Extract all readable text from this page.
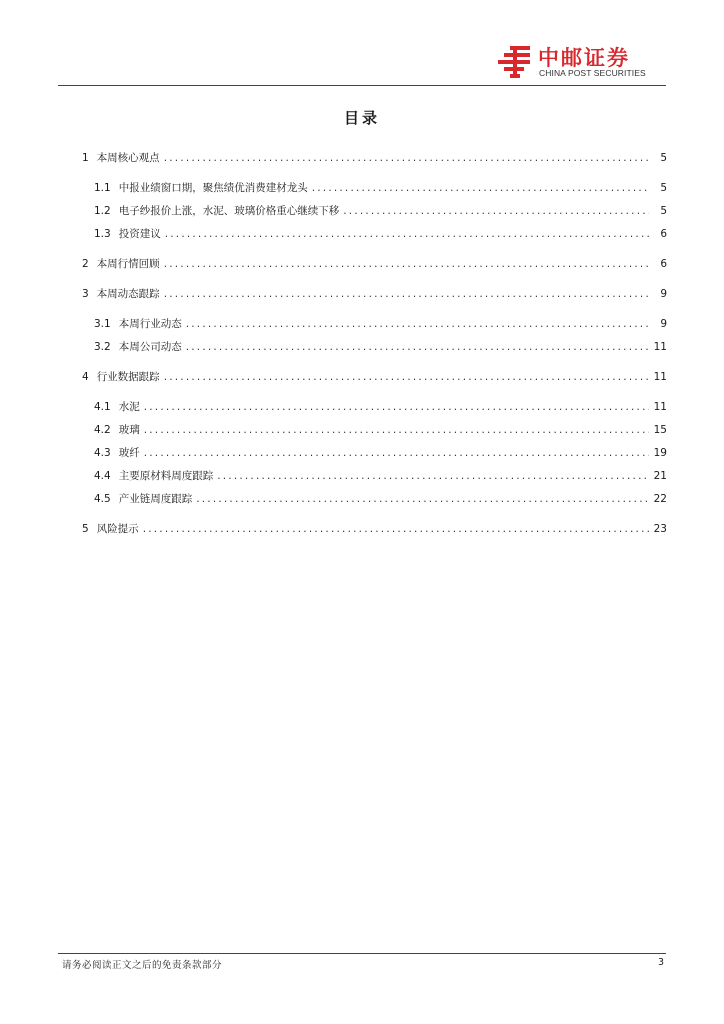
中邮证券
CHINA POST SECURITIES
目录
1 本周核心观点 .....	5
1.1 中报业绩窗口期，聚焦绩优消费建材龙头 .....	5
1.2 电子纱报价上涨，水泥、玻璃价格重心继续下移 .....	5
1.3 投资建议 .....	6
2 本周行情回顾 .....	6
3 本周动态跟踪 .....	9
3.1 本周行业动态 .....	9
3.2 本周公司动态 .....	11
4 行业数据跟踪 .....	11
4.1 水泥 .....	11
4.2 玻璃 .....	15
4.3 玻纤 .....	19
4.4 主要原材料周度跟踪 .....	21
4.5 产业链周度跟踪 .....	22
5 风险提示 .....	23
请务必阅读正文之后的免责条款部分	3
